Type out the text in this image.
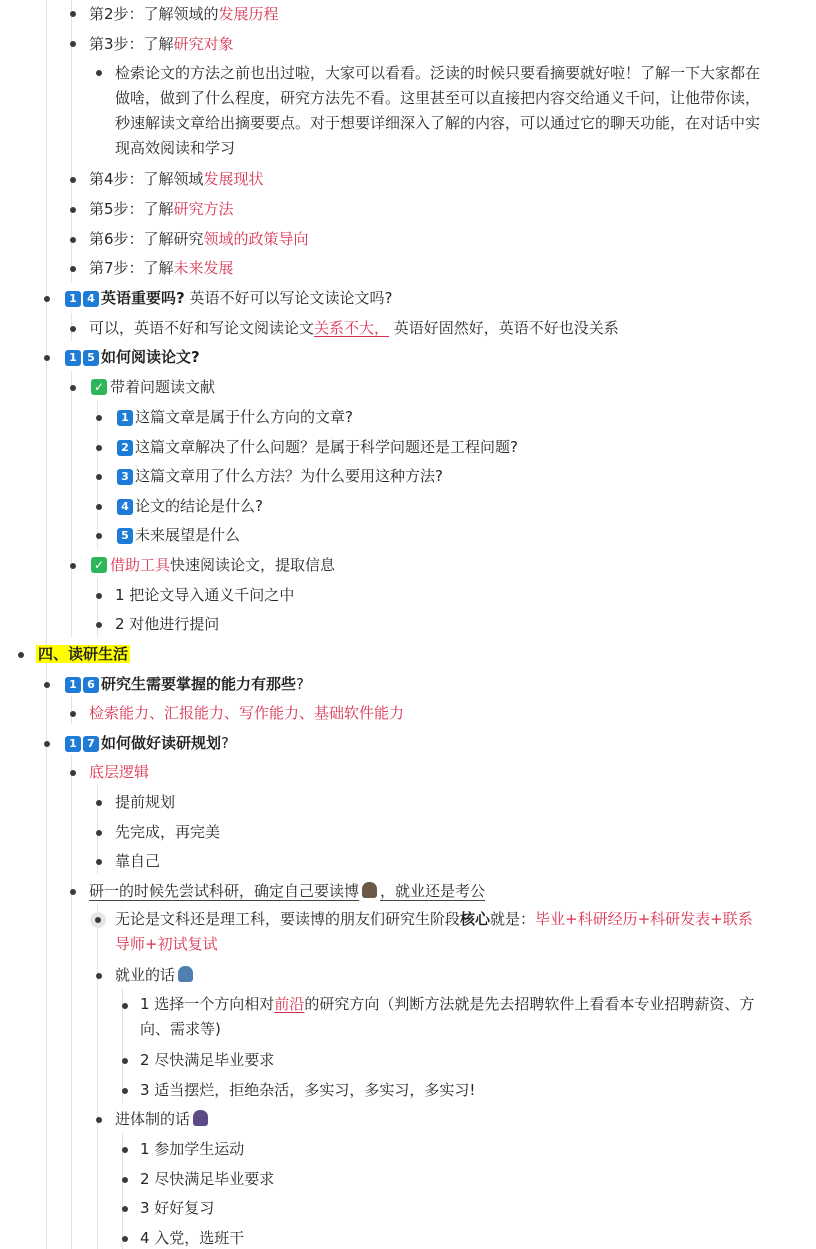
第2步：了解领域的发展历程
第3步：了解研究对象
检索论文的方法之前也出过啦，大家可以看看。泛读的时候只要看摘要就好啦！了解一下大家都在做啥，做到了什么程度，研究方法先不看。这里甚至可以直接把内容交给通义千问，让他带你读，秒速解读文章给出摘要要点。对于想要详细深入了解的内容，可以通过它的聊天功能，在对话中实现高效阅读和学习
第4步：了解领域发展现状
第5步：了解研究方法
第6步：了解研究领域的政策导向
第7步：了解未来发展
1 4 英语重要吗? 英语不好可以写论文读论文吗?
可以，英语不好和写论文阅读论文关系不大， 英语好固然好，英语不好也没关系
1 5 如何阅读论文?
✓ 带着问题读文献
1 这篇文章是属于什么方向的文章?
2 这篇文章解决了什么问题？是属于科学问题还是工程问题?
3 这篇文章用了什么方法？为什么要用这种方法?
4 论文的结论是什么?
5 未来展望是什么
✓ 借助工具快速阅读论文，提取信息
1 把论文导入通义千问之中
2 对他进行提问
四、读研生活
1 6 研究生需要掌握的能力有那些?
检索能力、汇报能力、写作能力、基础软件能力
1 7 如何做好读研规划?
底层逻辑
提前规划
先完成，再完美
靠自己
研一的时候先尝试科研，确定自己要读博 ，就业还是考公
无论是文科还是理工科，要读博的朋友们研究生阶段核心就是：毕业+科研经历+科研发表+联系导师+初试复试
就业的话
1 选择一个方向相对前沿的研究方向（判断方法就是先去招聘软件上看看本专业招聘薪资、方向、需求等)
2 尽快满足毕业要求
3 适当摆烂，拒绝杂活，多实习，多实习，多实习!
进体制的话
1 参加学生运动
2 尽快满足毕业要求
3 好好复习
4 入党，选班干
